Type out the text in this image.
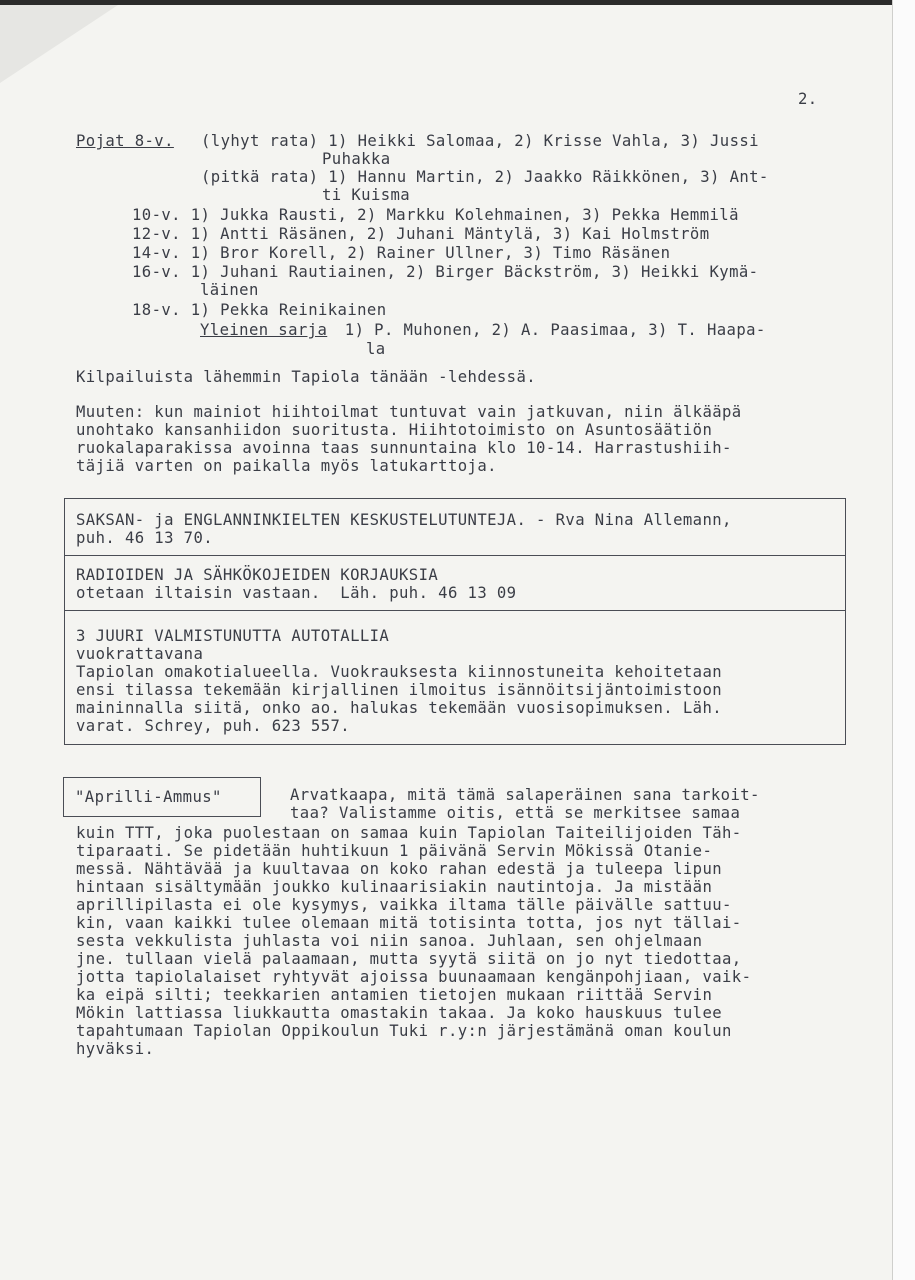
2.
Pojat 8-v. (lyhyt rata) 1) Heikki Salomaa, 2) Krisse Vahla, 3) Jussi
Puhakka
(pitkä rata) 1) Hannu Martin, 2) Jaakko Räikkönen, 3) Ant-
ti Kuisma
10-v. 1) Jukka Rausti, 2) Markku Kolehmainen, 3) Pekka Hemmilä
12-v. 1) Antti Räsänen, 2) Juhani Mäntylä, 3) Kai Holmström
14-v. 1) Bror Korell, 2) Rainer Ullner, 3) Timo Räsänen
16-v. 1) Juhani Rautiainen, 2) Birger Bäckström, 3) Heikki Kymä-
läinen
18-v. 1) Pekka Reinikainen
Yleinen sarja 1) P. Muhonen, 2) A. Paasimaa, 3) T. Haapa-
la
Kilpailuista lähemmin Tapiola tänään -lehdessä.
Muuten: kun mainiot hiihtoilmat tuntuvat vain jatkuvan, niin älkääpä
unohtako kansanhiidon suoritusta. Hiihtotoimisto on Asuntosäätiön
ruokalaparakissa avoinna taas sunnuntaina klo 10-14. Harrastushiih-
täjiä varten on paikalla myös latukarttoja.
SAKSAN- ja ENGLANNINKIELTEN KESKUSTELUTUNTEJA. - Rva Nina Allemann,
puh. 46 13 70.
RADIOIDEN JA SÄHKÖKOJEIDEN KORJAUKSIA
otetaan iltaisin vastaan.  Läh. puh. 46 13 09
3 JUURI VALMISTUNUTTA AUTOTALLIA
vuokrattavana
Tapiolan omakotialueella. Vuokrauksesta kiinnostuneita kehoitetaan
ensi tilassa tekemään kirjallinen ilmoitus isännöitsijäntoimistoon
maininnalla siitä, onko ao. halukas tekemään vuosisopimuksen. Läh.
varat. Schrey, puh. 623 557.
"Aprilli-Ammus"	Arvatkaapa, mitä tämä salaperäinen sana tarkoit-
taa? Valistamme oitis, että se merkitsee samaa
kuin TTT, joka puolestaan on samaa kuin Tapiolan Taiteilijoiden Täh-
tiparaati. Se pidetään huhtikuun 1 päivänä Servin Mökissä Otanie-
messä. Nähtävää ja kuultavaa on koko rahan edestä ja tuleepa lipun
hintaan sisältymään joukko kulinaarisiakin nautintoja. Ja mistään
aprillipilasta ei ole kysymys, vaikka iltama tälle päivälle sattuu-
kin, vaan kaikki tulee olemaan mitä totisinta totta, jos nyt tällai-
sesta vekkulista juhlasta voi niin sanoa. Juhlaan, sen ohjelmaan
jne. tullaan vielä palaamaan, mutta syytä siitä on jo nyt tiedottaa,
jotta tapiolalaiset ryhtyvät ajoissa buunaamaan kengänpohjiaan, vaik-
ka eipä silti; teekkarien antamien tietojen mukaan riittää Servin
Mökin lattiassa liukkautta omastakin takaa. Ja koko hauskuus tulee
tapahtumaan Tapiolan Oppikoulun Tuki r.y:n järjestämänä oman koulun
hyväksi.
